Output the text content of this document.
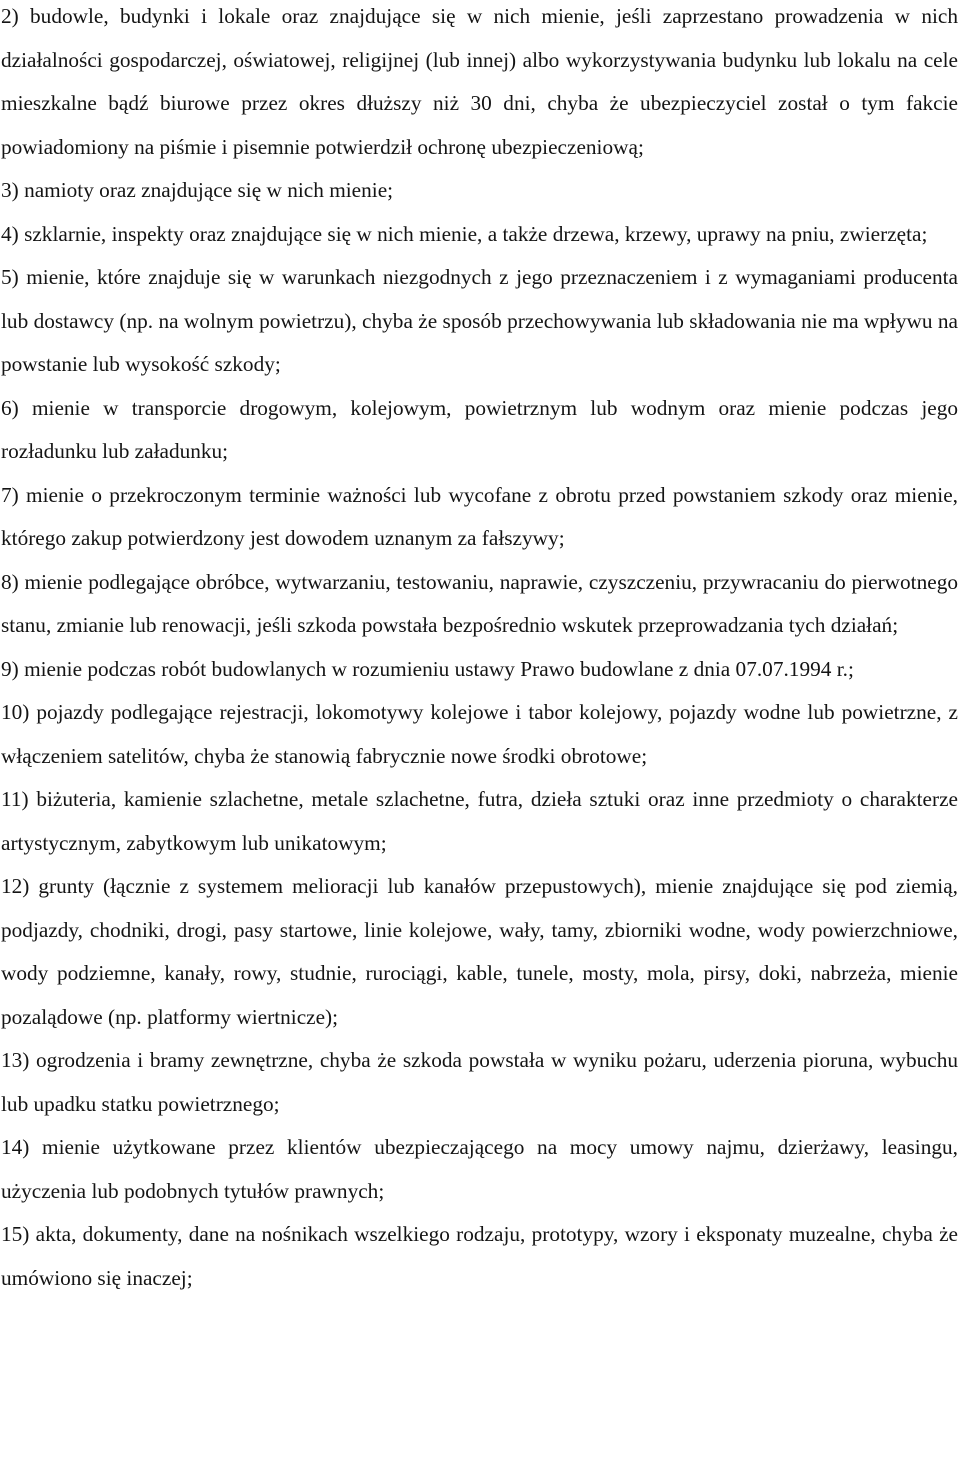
2) budowle, budynki i lokale oraz znajdujące się w nich mienie, jeśli zaprzestano prowadzenia w nich działalności gospodarczej, oświatowej, religijnej (lub innej) albo wykorzystywania budynku lub lokalu na cele mieszkalne bądź biurowe przez okres dłuższy niż 30 dni, chyba że ubezpieczyciel został o tym fakcie powiadomiony na piśmie i pisemnie potwierdził ochronę ubezpieczeniową;

3) namioty oraz znajdujące się w nich mienie;

4) szklarnie, inspekty oraz znajdujące się w nich mienie, a także drzewa, krzewy, uprawy na pniu, zwierzęta;

5) mienie, które znajduje się w warunkach niezgodnych z jego przeznaczeniem i z wymaganiami producenta lub dostawcy (np. na wolnym powietrzu), chyba że sposób przechowywania lub składowania nie ma wpływu na powstanie lub wysokość szkody;

6) mienie w transporcie drogowym, kolejowym, powietrznym lub wodnym oraz mienie podczas jego rozładunku lub załadunku;

7) mienie o przekroczonym terminie ważności lub wycofane z obrotu przed powstaniem szkody oraz mienie, którego zakup potwierdzony jest dowodem uznanym za fałszywy;

8) mienie podlegające obróbce, wytwarzaniu, testowaniu, naprawie, czyszczeniu, przywracaniu do pierwotnego stanu, zmianie lub renowacji, jeśli szkoda powstała bezpośrednio wskutek przeprowadzania tych działań;

9) mienie podczas robót budowlanych w rozumieniu ustawy Prawo budowlane z dnia 07.07.1994 r.;

10) pojazdy podlegające rejestracji, lokomotywy kolejowe i tabor kolejowy, pojazdy wodne lub powietrzne, z włączeniem satelitów, chyba że stanowią fabrycznie nowe środki obrotowe;

11) biżuteria, kamienie szlachetne, metale szlachetne, futra, dzieła sztuki oraz inne przedmioty o charakterze artystycznym, zabytkowym lub unikatowym;

12) grunty (łącznie z systemem melioracji lub kanałów przepustowych), mienie znajdujące się pod ziemią, podjazdy, chodniki, drogi, pasy startowe, linie kolejowe, wały, tamy, zbiorniki wodne, wody powierzchniowe, wody podziemne, kanały, rowy, studnie, rurociągi, kable, tunele, mosty, mola, pirsy, doki, nabrzeża, mienie pozalądowe (np. platformy wiertnicze);

13) ogrodzenia i bramy zewnętrzne, chyba że szkoda powstała w wyniku pożaru, uderzenia pioruna, wybuchu lub upadku statku powietrznego;

14) mienie użytkowane przez klientów ubezpieczającego na mocy umowy najmu, dzierżawy, leasingu, użyczenia lub podobnych tytułów prawnych;

15) akta, dokumenty, dane na nośnikach wszelkiego rodzaju, prototypy, wzory i eksponaty muzealne, chyba że umówiono się inaczej;
